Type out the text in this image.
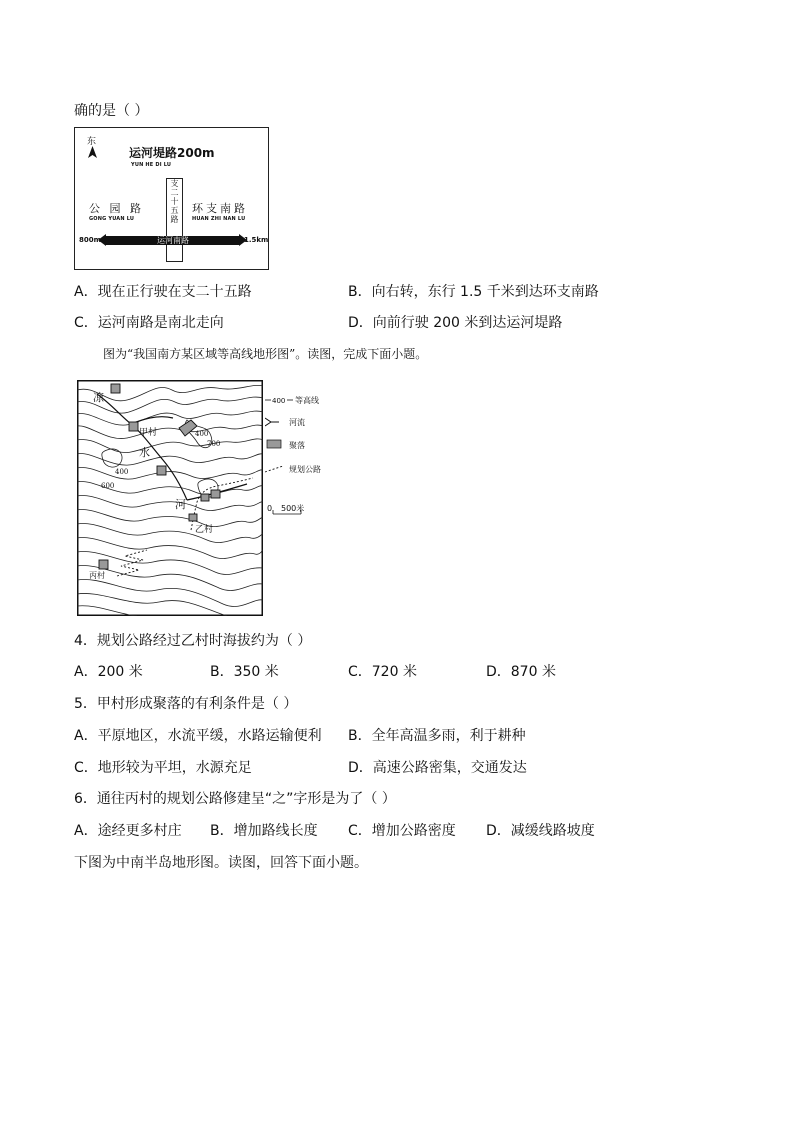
确的是（ ）
东
运河堤路200m
YUN HE DI LU
支
二
十
五
路
公 园 路
GONG YUAN LU
环支南路
HUAN ZHI NAN LU
运河南路
800m	1.5km
A．现在正行驶在支二十五路	B．向右转，东行 1.5 千米到达环支南路
C．运河南路是南北走向	D．向前行驶 200 米到达运河堤路
图为“我国南方某区域等高线地形图”。读图，完成下面小题。
凉
甲村
水
河
乙村
丙村
400
700
400
600
400 等高线
河流
聚落
规划公路
0 500米
4．规划公路经过乙村时海拔约为（ ）
A．200 米	B．350 米	C．720 米	D．870 米
5．甲村形成聚落的有利条件是（ ）
A．平原地区，水流平缓，水路运输便利 B．全年高温多雨，利于耕种
C．地形较为平坦，水源充足	D．高速公路密集，交通发达
6．通往丙村的规划公路修建呈“之”字形是为了（ ）
A．途经更多村庄 B．增加路线长度 C．增加公路密度 D．减缓线路坡度
下图为中南半岛地形图。读图，回答下面小题。
